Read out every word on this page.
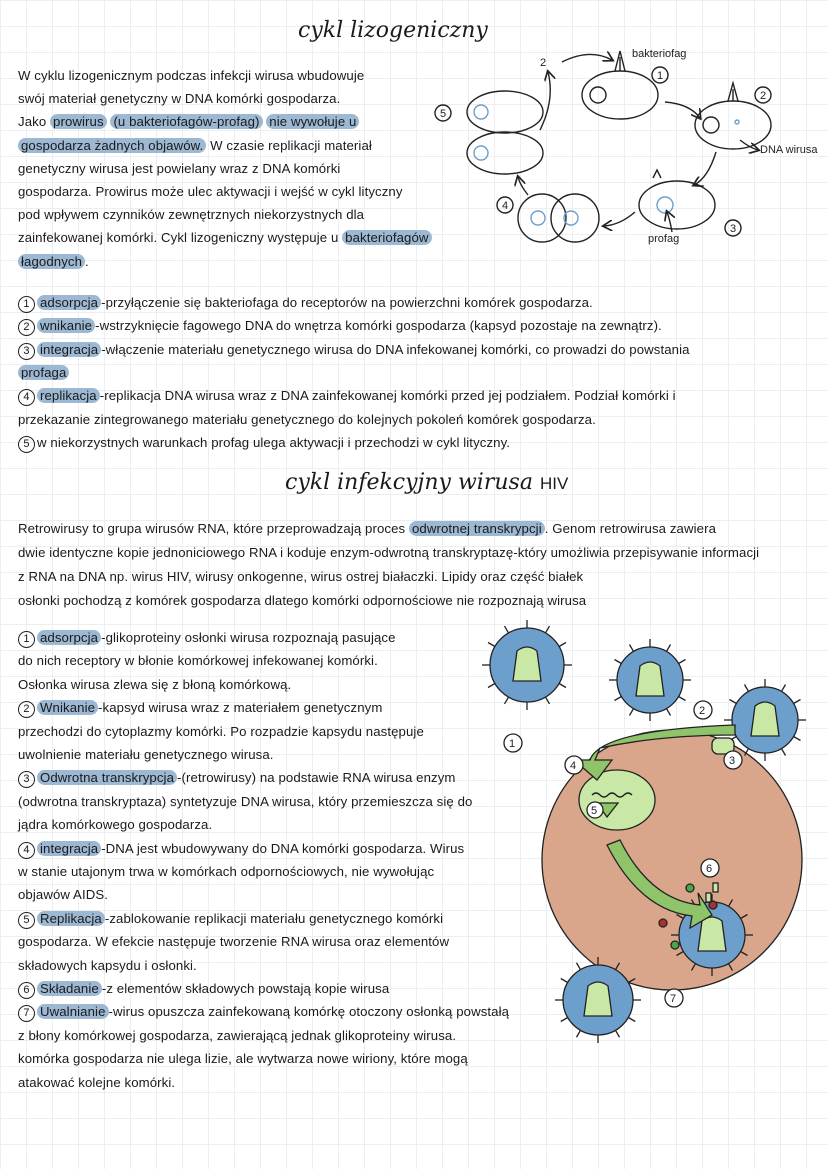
cykl lizogeniczny
W cyklu lizogenicznym podczas infekcji wirusa wbudowuje
swój materiał genetyczny w DNA komórki gospodarza.
Jako prowirus (u bakteriofagów-profag) nie wywołuje u
gospodarza żadnych objawów. W czasie replikacji materiał
genetyczny wirusa jest powielany wraz z DNA komórki
gospodarza. Prowirus może ulec aktywacji i wejść w cykl lityczny
pod wpływem czynników zewnętrznych niekorzystnych dla
zainfekowanej komórki. Cykl lizogeniczny występuje u bakteriofagów
łagodnych .
1 adsorpcja -przyłączenie się bakteriofaga do receptorów na powierzchni komórek gospodarza.
2 wnikanie -wstrzyknięcie fagowego DNA do wnętrza komórki gospodarza (kapsyd pozostaje na zewnątrz).
3 integracja -włączenie materiału genetycznego wirusa do DNA infekowanej komórki, co prowadzi do powstania
profaga
4 replikacja -replikacja DNA wirusa wraz z DNA zainfekowanej komórki przed jej podziałem. Podział komórki i
przekazanie zintegrowanego materiału genetycznego do kolejnych pokoleń komórek gospodarza.
5 w niekorzystnych warunkach profag ulega aktywacji i przechodzi w cykl lityczny.
cykl infekcyjny wirusa HIV
Retrowirusy to grupa wirusów RNA, które przeprowadzają proces odwrotnej transkrypcji . Genom retrowirusa zawiera
dwie identyczne kopie jednoniciowego RNA i koduje enzym-odwrotną transkryptazę-który umożliwia przepisywanie informacji
z RNA na DNA np. wirus HIV, wirusy onkogenne, wirus ostrej białaczki. Lipidy oraz część białek
osłonki pochodzą z komórek gospodarza dlatego komórki odpornościowe nie rozpoznają wirusa
1 adsorpcja -glikoproteiny osłonki wirusa rozpoznają pasujące
do nich receptory w błonie komórkowej infekowanej komórki.
Osłonka wirusa zlewa się z błoną komórkową.
2 Wnikanie -kapsyd wirusa wraz z materiałem genetycznym
przechodzi do cytoplazmy komórki. Po rozpadzie kapsydu następuje
uwolnienie materiału genetycznego wirusa.
3 Odwrotna transkrypcja -(retrowirusy) na podstawie RNA wirusa enzym
(odwrotna transkryptaza) syntetyzuje DNA wirusa, który przemieszcza się do
jądra komórkowego gospodarza.
4 integracja -DNA jest wbudowywany do DNA komórki gospodarza. Wirus
w stanie utajonym trwa w komórkach odpornościowych, nie wywołując
objawów AIDS.
5 Replikacja -zablokowanie replikacji materiału genetycznego komórki
gospodarza. W efekcie następuje tworzenie RNA wirusa oraz elementów
składowych kapsydu i osłonki.
6 Składanie -z elementów składowych powstają kopie wirusa
7 Uwalnianie -wirus opuszcza zainfekowaną komórkę otoczony osłonką powstałą
z błony komórkowej gospodarza, zawierającą jednak glikoproteiny wirusa.
komórka gospodarza nie ulega lizie, ale wytwarza nowe wiriony, które mogą
atakować kolejne komórki.
2
bakteriofag
DNA wirusa
profag
1
2
3
4
5
1
2
3
4
5
6
7
